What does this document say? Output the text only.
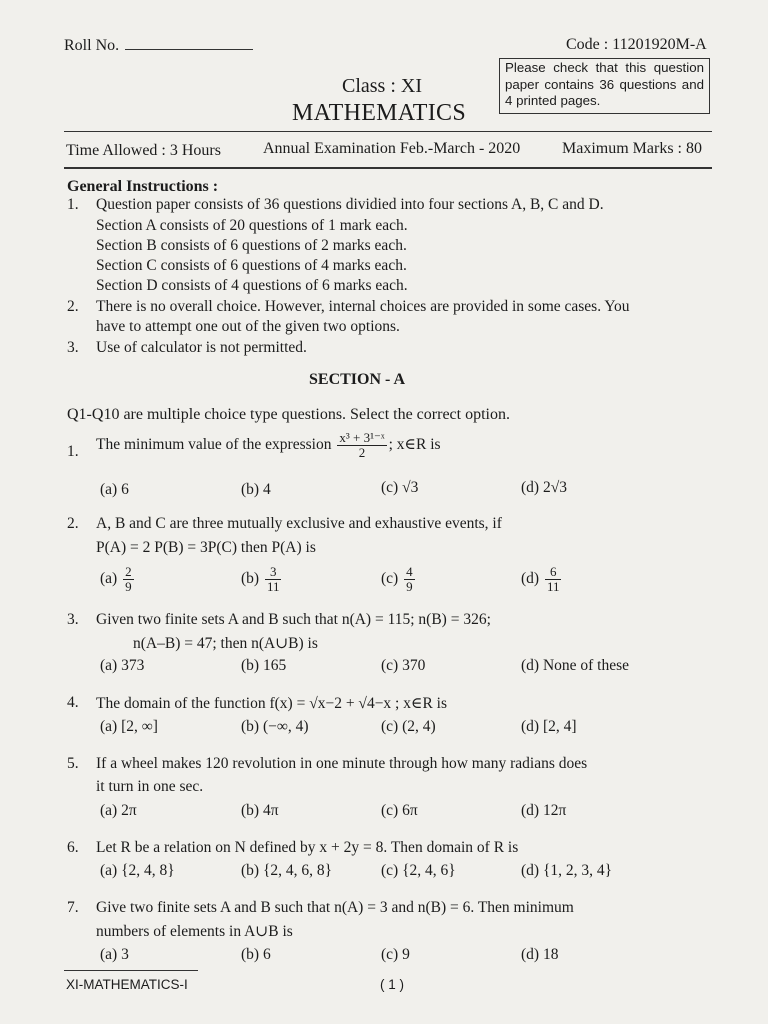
Roll No.	Code : 11201920M-A
Please check that this question paper contains 36 questions and 4 printed pages.
Class : XI
MATHEMATICS
Time Allowed : 3 Hours	Annual Examination Feb.-March - 2020	Maximum Marks : 80
General Instructions :
1. Question paper consists of 36 questions dividied into four sections A, B, C and D.
Section A consists of 20 questions of 1 mark each.
Section B consists of 6 questions of 2 marks each.
Section C consists of 6 questions of 4 marks each.
Section D consists of 4 questions of 6 marks each.
2. There is no overall choice. However, internal choices are provided in some cases. You
have to attempt one out of the given two options.
3. Use of calculator is not permitted.
SECTION - A
Q1-Q10 are multiple choice type questions. Select the correct option.
1. The minimum value of the expression $\frac{\text{x³ + 3¹⁻ˣ}}{2}$ ; x∈R is
(a) 6	(b) 4	(c) √3	(d) 2√3
2. A, B and C are three mutually exclusive and exhaustive events, if
P(A) = 2 P(B) = 3P(C) then P(A) is
$(a) \frac{2}{9}$	$(b) \frac{3}{11}$	$(c) \frac{4}{9}$	$(d) \frac{6}{11}$
3. Given two finite sets A and B such that n(A) = 115; n(B) = 326;
n(A–B) = 47; then n(A∪B) is
(a) 373	(b) 165	(c) 370	(d) None of these
4. The domain of the function f(x) = √x−2 + √4−x ; x∈R is
(a) [2, ∞]	(b) (−∞, 4)	(c) (2, 4)	(d) [2, 4]
5. If a wheel makes 120 revolution in one minute through how many radians does
it turn in one sec.
(a) 2π	(b) 4π	(c) 6π	(d) 12π
6. Let R be a relation on N defined by x + 2y = 8. Then domain of R is
(a) {2, 4, 8}	(b) {2, 4, 6, 8}	(c) {2, 4, 6}	(d) {1, 2, 3, 4}
7. Give two finite sets A and B such that n(A) = 3 and n(B) = 6. Then minimum
numbers of elements in A∪B is
(a) 3	(b) 6	(c) 9	(d) 18
XI-MATHEMATICS-I	( 1 )
